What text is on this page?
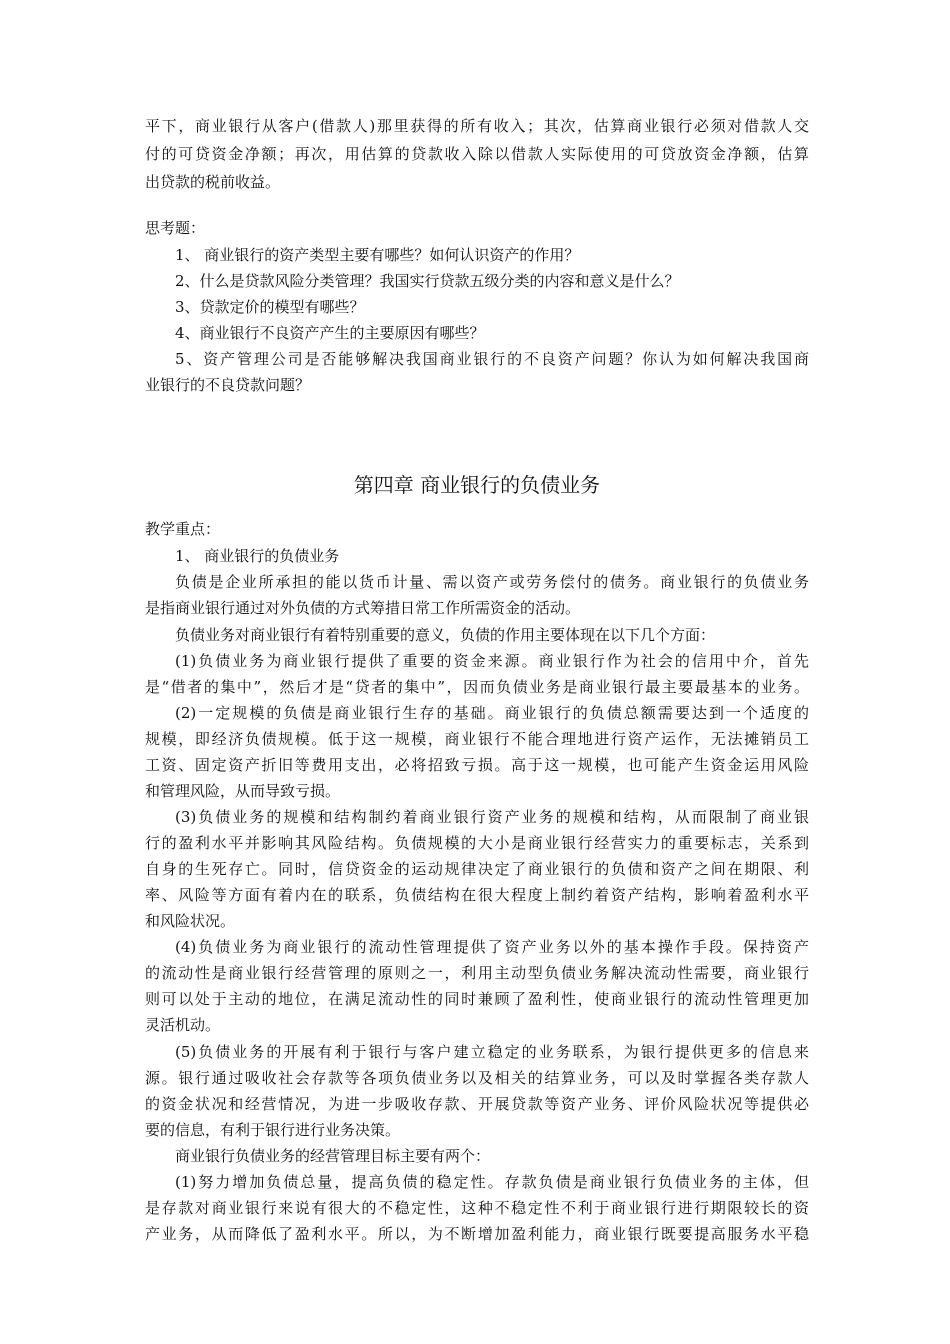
平下，商业银行从客户(借款人)那里获得的所有收入；其次，估算商业银行必须对借款人交
付的可贷资金净额；再次，用估算的贷款收入除以借款人实际使用的可贷放资金净额，估算
出贷款的税前收益。
思考题：
1、 商业银行的资产类型主要有哪些？如何认识资产的作用？
2、什么是贷款风险分类管理？我国实行贷款五级分类的内容和意义是什么？
3、贷款定价的模型有哪些？
4、商业银行不良资产产生的主要原因有哪些？
5、资产管理公司是否能够解决我国商业银行的不良资产问题？你认为如何解决我国商
业银行的不良贷款问题？
第四章 商业银行的负债业务
教学重点：
1、 商业银行的负债业务
负债是企业所承担的能以货币计量、需以资产或劳务偿付的债务。商业银行的负债业务
是指商业银行通过对外负债的方式筹措日常工作所需资金的活动。
负债业务对商业银行有着特别重要的意义，负债的作用主要体现在以下几个方面：
(1)负债业务为商业银行提供了重要的资金来源。商业银行作为社会的信用中介，首先
是“借者的集中”，然后才是“贷者的集中”，因而负债业务是商业银行最主要最基本的业务。
(2)一定规模的负债是商业银行生存的基础。商业银行的负债总额需要达到一个适度的
规模，即经济负债规模。低于这一规模，商业银行不能合理地进行资产运作，无法摊销员工
工资、固定资产折旧等费用支出，必将招致亏损。高于这一规模，也可能产生资金运用风险
和管理风险，从而导致亏损。
(3)负债业务的规模和结构制约着商业银行资产业务的规模和结构，从而限制了商业银
行的盈利水平并影响其风险结构。负债规模的大小是商业银行经营实力的重要标志，关系到
自身的生死存亡。同时，信贷资金的运动规律决定了商业银行的负债和资产之间在期限、利
率、风险等方面有着内在的联系，负债结构在很大程度上制约着资产结构，影响着盈利水平
和风险状况。
(4)负债业务为商业银行的流动性管理提供了资产业务以外的基本操作手段。保持资产
的流动性是商业银行经营管理的原则之一，利用主动型负债业务解决流动性需要，商业银行
则可以处于主动的地位，在满足流动性的同时兼顾了盈利性，使商业银行的流动性管理更加
灵活机动。
(5)负债业务的开展有利于银行与客户建立稳定的业务联系，为银行提供更多的信息来
源。银行通过吸收社会存款等各项负债业务以及相关的结算业务，可以及时掌握各类存款人
的资金状况和经营情况，为进一步吸收存款、开展贷款等资产业务、评价风险状况等提供必
要的信息，有利于银行进行业务决策。
商业银行负债业务的经营管理目标主要有两个：
(1)努力增加负债总量，提高负债的稳定性。存款负债是商业银行负债业务的主体，但
是存款对商业银行来说有很大的不稳定性，这种不稳定性不利于商业银行进行期限较长的资
产业务，从而降低了盈利水平。所以，为不断增加盈利能力，商业银行既要提高服务水平稳
